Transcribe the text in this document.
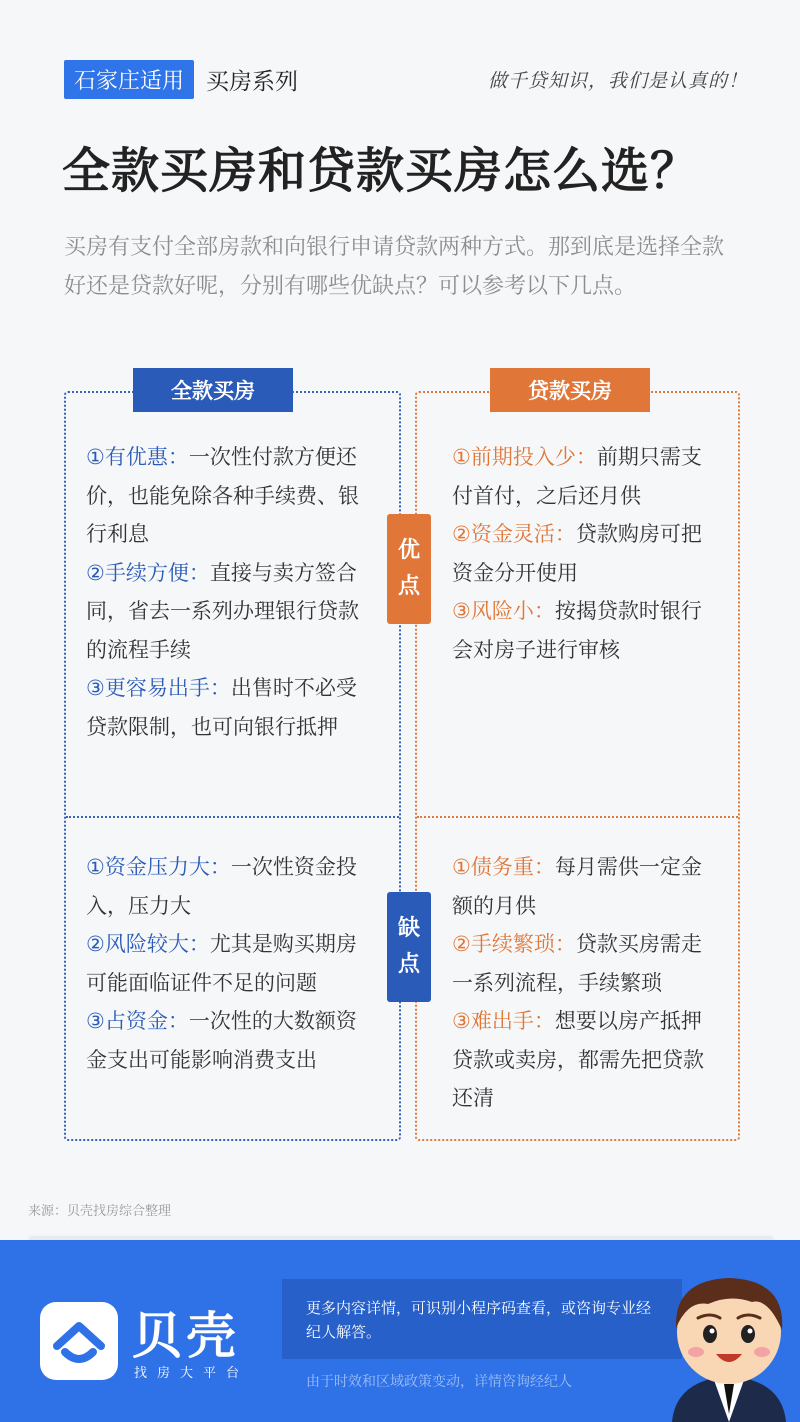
石家庄适用 买房系列	做千贷知识，我们是认真的！
全款买房和贷款买房怎么选？

买房有支付全部房款和向银行申请贷款两种方式。那到底是选择全款好还是贷款好呢，分别有哪些优缺点？可以参考以下几点。

全款买房	贷款买房

①有优惠：一次性付款方便还价，也能免除各种手续费、银行利息

②手续方便：直接与卖方签合同，省去一系列办理银行贷款的流程手续

③更容易出手：出售时不必受贷款限制，也可向银行抵押

①前期投入少：前期只需支付首付，之后还月供

②资金灵活：贷款购房可把资金分开使用

③风险小：按揭贷款时银行会对房子进行审核

①资金压力大：一次性资金投入，压力大

②风险较大：尤其是购买期房可能面临证件不足的问题

③占资金：一次性的大数额资金支出可能影响消费支出

①债务重：每月需供一定金额的月供

②手续繁琐：贷款买房需走一系列流程，手续繁琐

③难出手：想要以房产抵押贷款或卖房，都需先把贷款还清

优
点
缺
点
来源：贝壳找房综合整理
贝壳
找房大平台
更多内容详情，可识别小程序码查看，或咨询专业经纪人解答。
由于时效和区域政策变动，详情咨询经纪人
